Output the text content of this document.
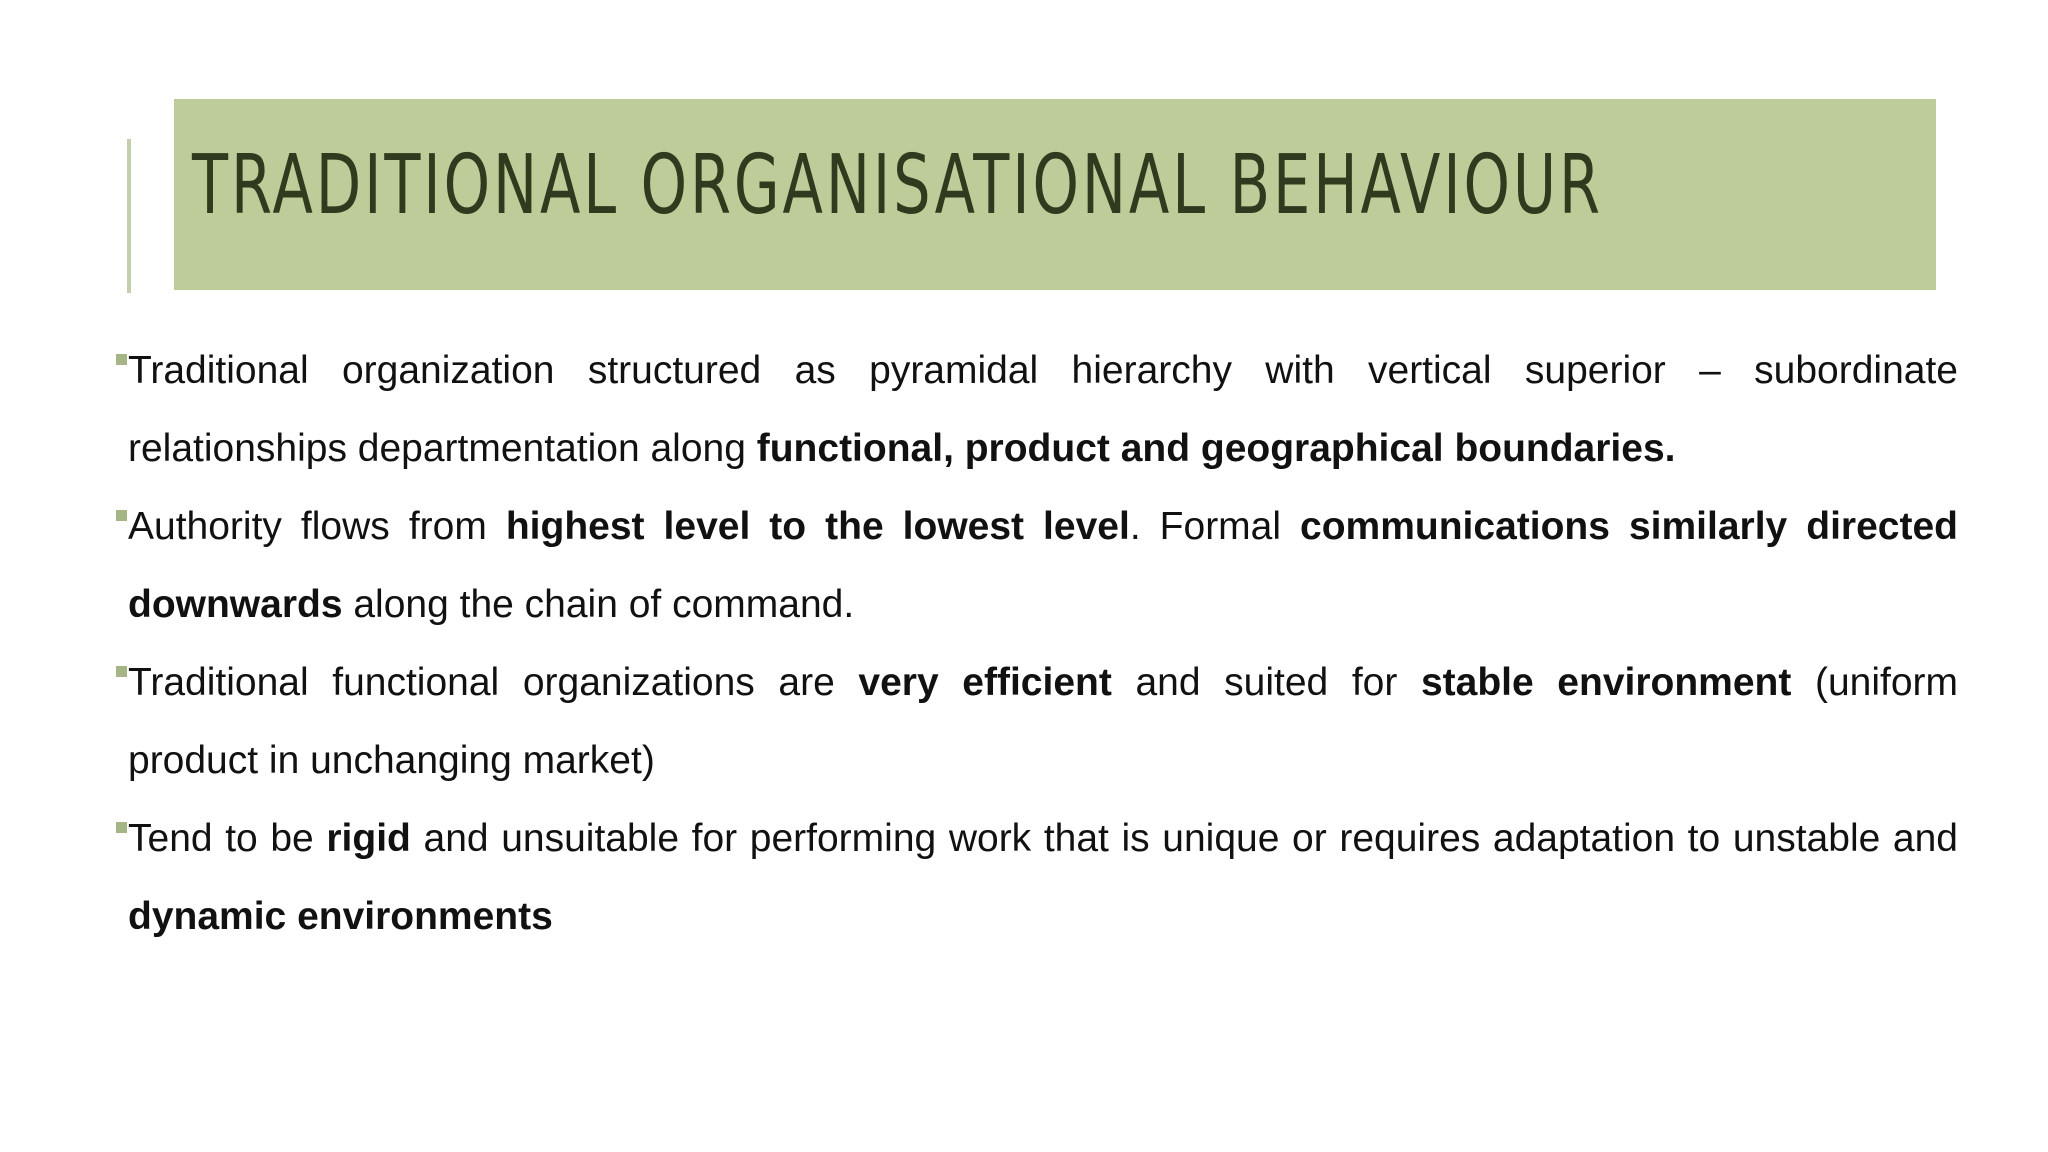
TRADITIONAL ORGANISATIONAL BEHAVIOUR

Traditional organization structured as pyramidal hierarchy with vertical superior – subordinate relationships departmentation along functional, product and geographical boundaries.

Authority flows from highest level to the lowest level. Formal communications similarly directed downwards along the chain of command.

Traditional functional organizations are very efficient and suited for stable environment (uniform product in unchanging market)

Tend to be rigid and unsuitable for performing work that is unique or requires adaptation to unstable and dynamic environments
